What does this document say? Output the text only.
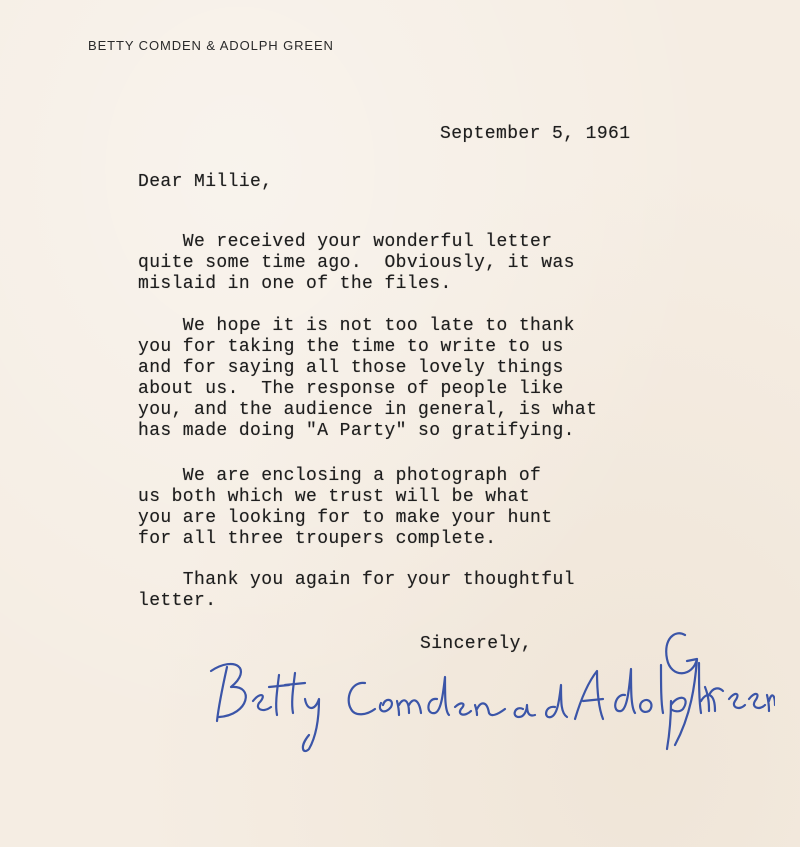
BETTY COMDEN & ADOLPH GREEN
September 5, 1961
Dear Millie,
We received your wonderful letter
quite some time ago.  Obviously, it was
mislaid in one of the files.
We hope it is not too late to thank
you for taking the time to write to us
and for saying all those lovely things
about us.  The response of people like
you, and the audience in general, is what
has made doing "A Party" so gratifying.
We are enclosing a photograph of
us both which we trust will be what
you are looking for to make your hunt
for all three troupers complete.
Thank you again for your thoughtful
letter.
Sincerely,
